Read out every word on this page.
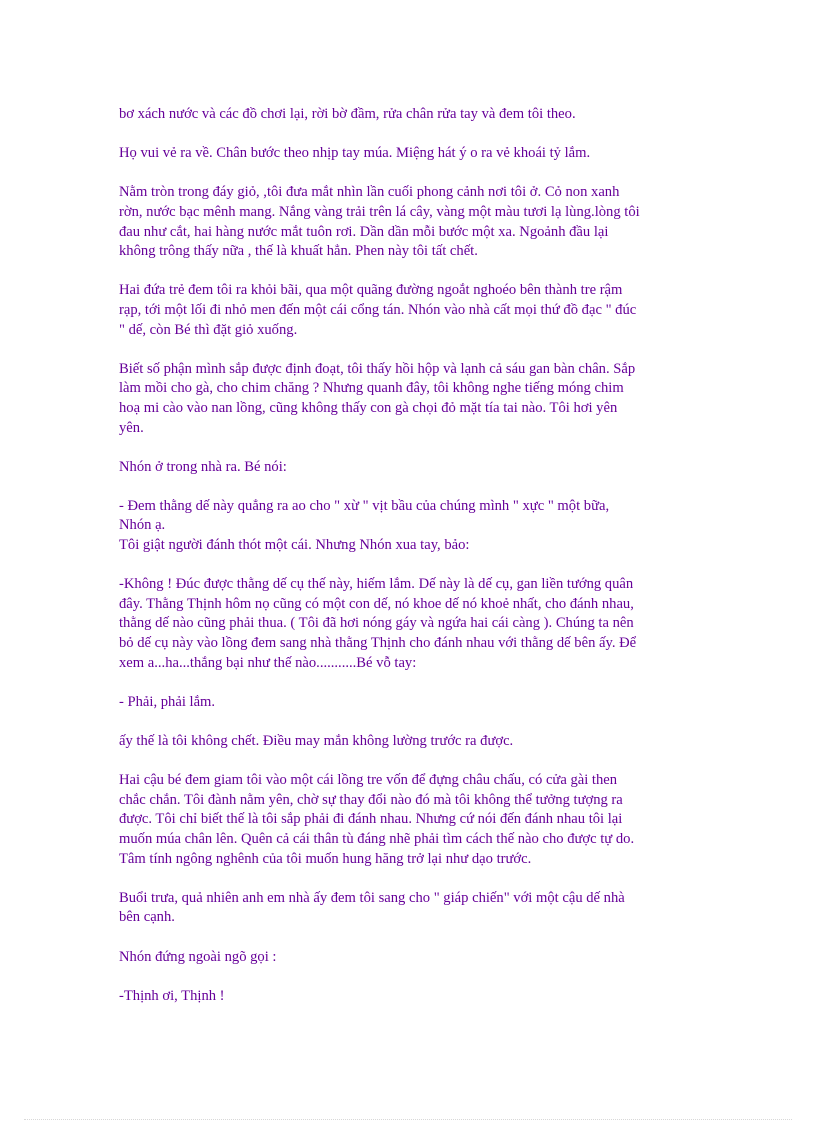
bơ xách nước và các đồ chơi lại, rời bờ đầm, rửa chân rửa tay và đem tôi theo.

Họ vui vẻ ra về. Chân bước theo nhịp tay múa. Miệng hát ý o ra vẻ khoái tỷ lắm.

Nằm tròn trong đáy giỏ, ,tôi đưa mắt nhìn lần cuối phong cảnh nơi tôi ở. Cỏ non xanh
rờn, nước bạc mênh mang. Nắng vàng trải trên lá cây, vàng một màu tươi lạ lùng.lòng tôi
đau như cắt, hai hàng nước mắt tuôn rơi. Dần dần mỗi bước một xa. Ngoảnh đầu lại
không trông thấy nữa , thế là khuất hẳn. Phen này tôi tất chết.

Hai đứa trẻ đem tôi ra khỏi bãi, qua một quãng đường ngoắt nghoéo bên thành tre rậm
rạp, tới một lối đi nhỏ men đến một cái cổng tán. Nhón vào nhà cất mọi thứ đồ đạc " đúc
" dế, còn Bé thì đặt giỏ xuống.

Biết số phận mình sắp được định đoạt, tôi thấy hồi hộp và lạnh cả sáu gan bàn chân. Sắp
làm mồi cho gà, cho chim chăng ? Nhưng quanh đây, tôi không nghe tiếng móng chim
hoạ mi cào vào nan lồng, cũng không thấy con gà chọi đỏ mặt tía tai nào. Tôi hơi yên
yên.

Nhón ở trong nhà ra. Bé nói:

- Đem thằng dế này quẳng ra ao cho " xừ " vịt bầu của chúng mình " xực " một bữa,
Nhón ạ.
Tôi giật người đánh thót một cái. Nhưng Nhón xua tay, bảo:

-Không ! Đúc được thằng dế cụ thế này, hiếm lắm. Dế này là dế cụ, gan liền tướng quân
đây. Thằng Thịnh hôm nọ cũng có một con dế, nó khoe dế nó khoẻ nhất, cho đánh nhau,
thằng dế nào cũng phải thua. ( Tôi đã hơi nóng gáy và ngứa hai cái càng ). Chúng ta nên
bỏ dế cụ này vào lồng đem sang nhà thằng Thịnh cho đánh nhau với thằng dế bên ấy. Để
xem a...ha...thắng bại như thế nào...........Bé vỗ tay:

- Phải, phải lắm.

ấy thế là tôi không chết. Điều may mắn không lường trước ra được.

Hai cậu bé đem giam tôi vào một cái lồng tre vốn để đựng châu chấu, có cửa gài then
chắc chắn. Tôi đành nằm yên, chờ sự thay đổi nào đó mà tôi không thể tưởng tượng ra
được. Tôi chỉ biết thế là tôi sắp phải đi đánh nhau. Nhưng cứ nói đến đánh nhau tôi lại
muốn múa chân lên. Quên cả cái thân tù đáng nhẽ phải tìm cách thế nào cho được tự do.
Tâm tính ngông nghênh của tôi muốn hung hăng trở lại như dạo trước.

Buổi trưa, quả nhiên anh em nhà ấy đem tôi sang cho " giáp chiến" với một cậu dế nhà
bên cạnh.

Nhón đứng ngoài ngõ gọi :

-Thịnh ơi, Thịnh !
